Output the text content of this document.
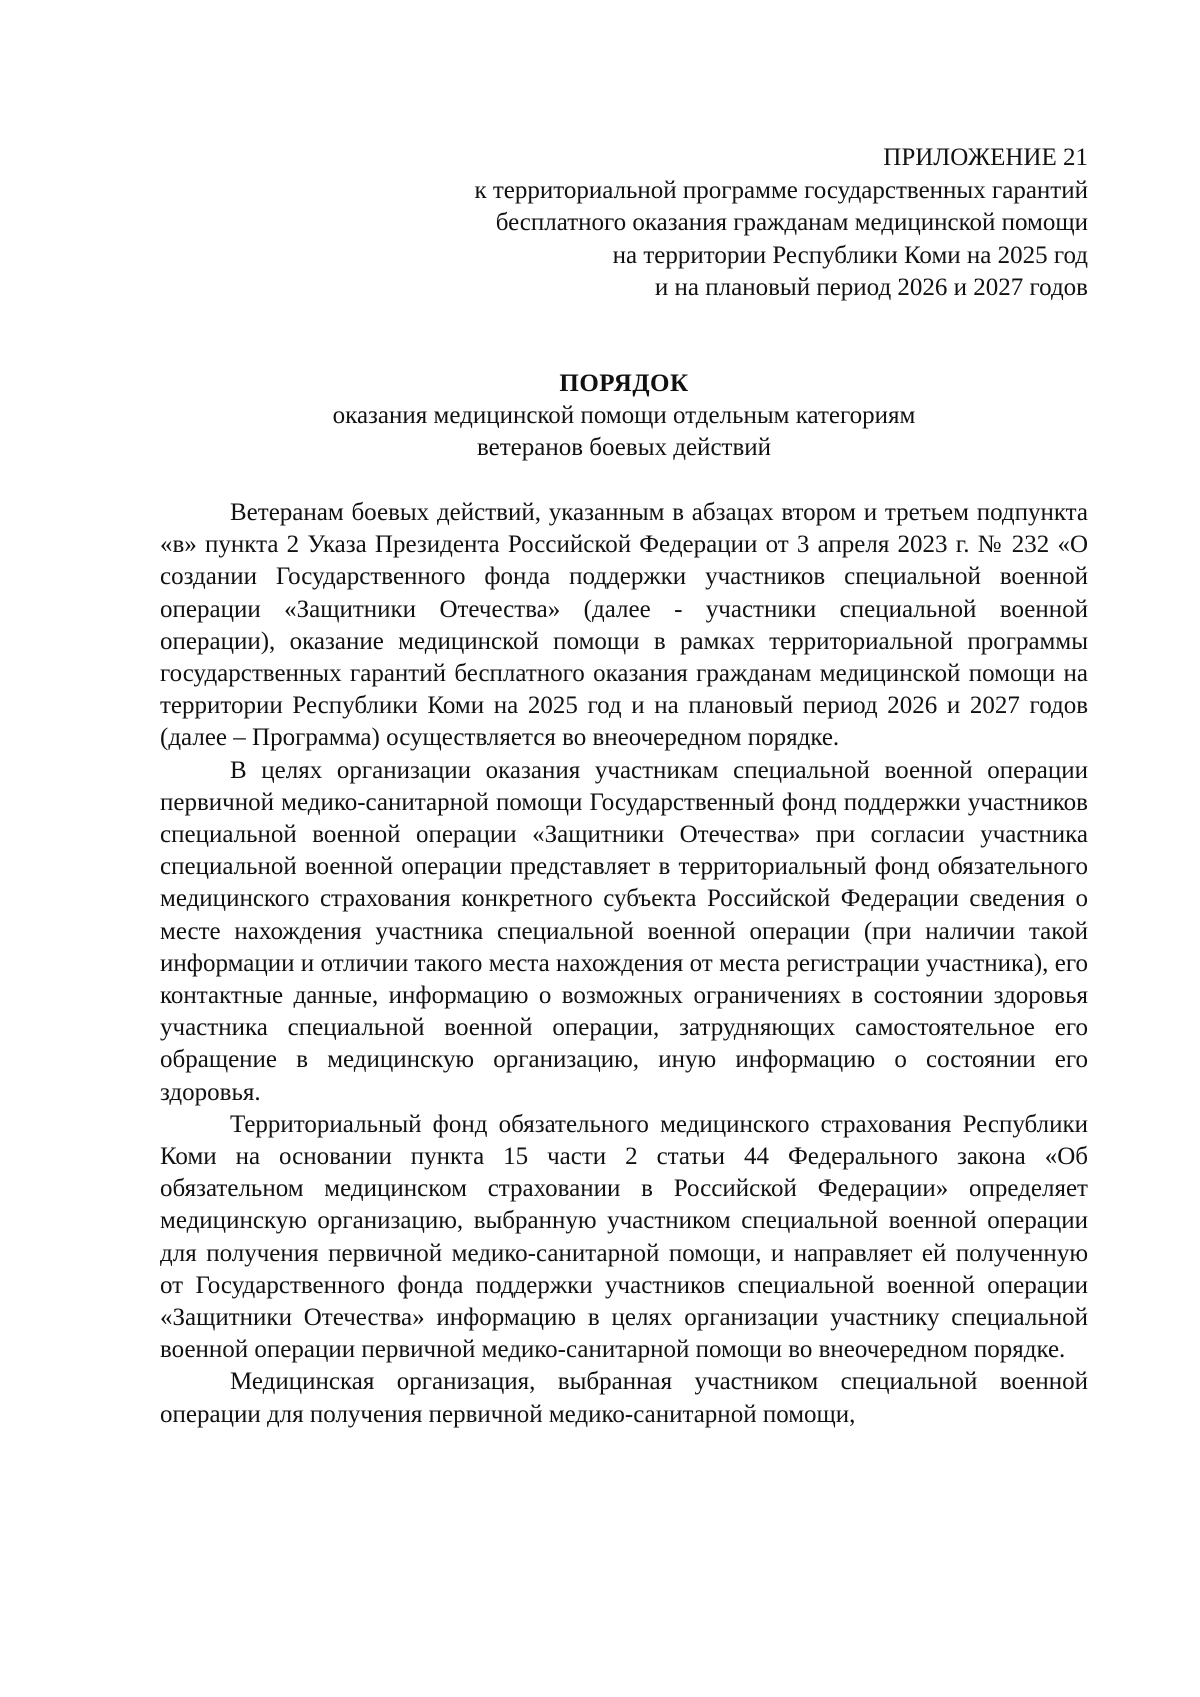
ПРИЛОЖЕНИЕ 21
к территориальной программе государственных гарантий
бесплатного оказания гражданам медицинской помощи
на территории Республики Коми на 2025 год
и на плановый период 2026 и 2027 годов
ПОРЯДОК
оказания медицинской помощи отдельным категориям
ветеранов боевых действий

Ветеранам боевых действий, указанным в абзацах втором и третьем подпункта «в» пункта 2 Указа Президента Российской Федерации от 3 апреля 2023 г. № 232 «О создании Государственного фонда поддержки участников специальной военной операции «Защитники Отечества» (далее - участники специальной военной операции), оказание медицинской помощи в рамках территориальной программы государственных гарантий бесплатного оказания гражданам медицинской помощи на территории Республики Коми на 2025 год и на плановый период 2026 и 2027 годов (далее – Программа) осуществляется во внеочередном порядке.

В целях организации оказания участникам специальной военной операции первичной медико-санитарной помощи Государственный фонд поддержки участников специальной военной операции «Защитники Отечества» при согласии участника специальной военной операции представляет в территориальный фонд обязательного медицинского страхования конкретного субъекта Российской Федерации сведения о месте нахождения участника специальной военной операции (при наличии такой информации и отличии такого места нахождения от места регистрации участника), его контактные данные, информацию о возможных ограничениях в состоянии здоровья участника специальной военной операции, затрудняющих самостоятельное его обращение в медицинскую организацию, иную информацию о состоянии его здоровья.

Территориальный фонд обязательного медицинского страхования Республики Коми на основании пункта 15 части 2 статьи 44 Федерального закона «Об обязательном медицинском страховании в Российской Федерации» определяет медицинскую организацию, выбранную участником специальной военной операции для получения первичной медико-санитарной помощи, и направляет ей полученную от Государственного фонда поддержки участников специальной военной операции «Защитники Отечества» информацию в целях организации участнику специальной военной операции первичной медико-санитарной помощи во внеочередном порядке.

Медицинская организация, выбранная участником специальной военной операции для получения первичной медико-санитарной помощи,
